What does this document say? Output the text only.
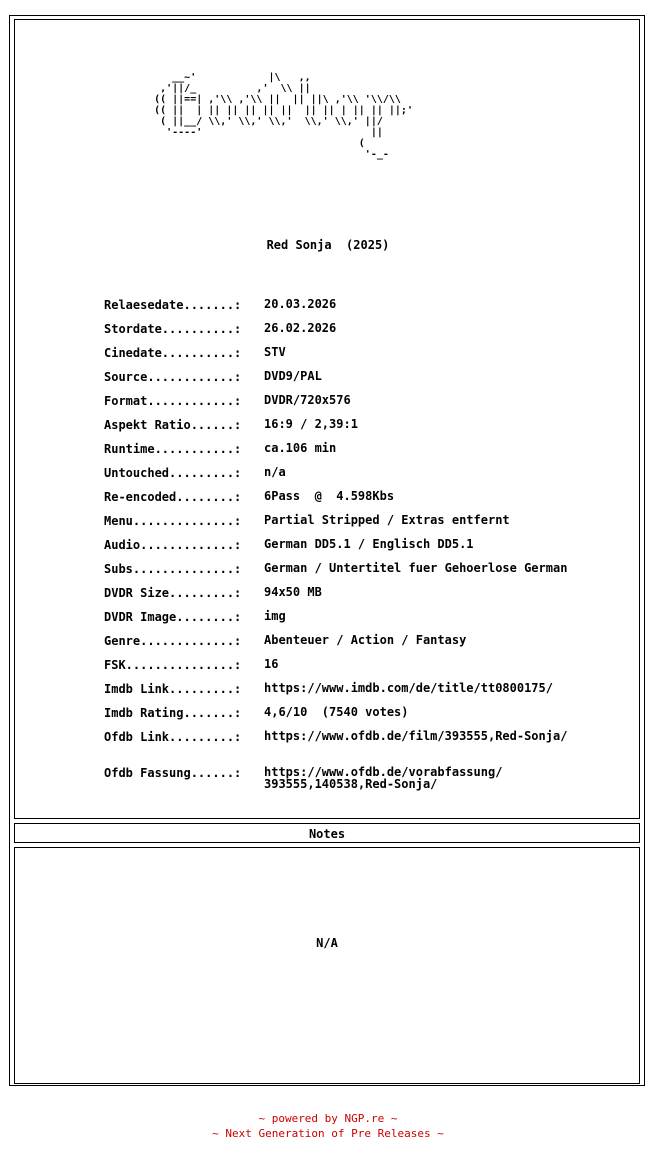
Notes
N/A
__~'            |\   ,,
,'||/_          ,'  \\ ||
(( ||==| ,'\\ ,'\\ ||  || ||\ ,'\\ '\\/\\
(( ||  | || || || || ||  || || | || || ||;'
( ||__/ \\,' \\,' \\,'  \\,' \\,' ||/
'----'                            ||
(
'-_-
Red Sonja  (2025)
Relaesedate.......: 20.03.2026
Stordate..........: 26.02.2026
Cinedate..........: STV
Source............: DVD9/PAL
Format............: DVDR/720x576
Aspekt Ratio......: 16:9 / 2,39:1
Runtime...........: ca.106 min
Untouched.........: n/a
Re-encoded........: 6Pass  @  4.598Kbs
Menu..............: Partial Stripped / Extras entfernt
Audio.............: German DD5.1 / Englisch DD5.1
Subs..............: German / Untertitel fuer Gehoerlose German
DVDR Size.........: 94x50 MB
DVDR Image........: img
Genre.............: Abenteuer / Action / Fantasy
FSK...............: 16
Imdb Link.........: https://www.imdb.com/de/title/tt0800175/
Imdb Rating.......: 4,6/10  (7540 votes)
Ofdb Link.........: https://www.ofdb.de/film/393555,Red-Sonja/
Ofdb Fassung......: https://www.ofdb.de/vorabfassung/
393555,140538,Red-Sonja/
~ powered by NGP.re ~
~ Next Generation of Pre Releases ~
